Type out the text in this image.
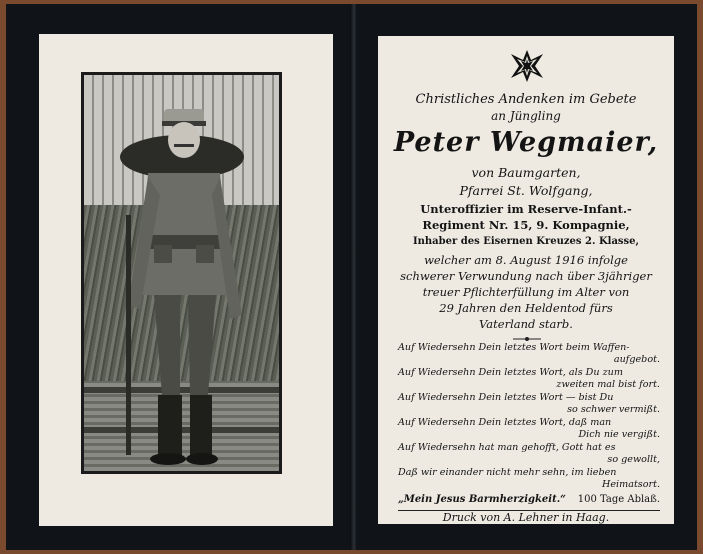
Christliches Andenken im Gebete
an Jüngling
Peter Wegmaier,
von Baumgarten,
Pfarrei St. Wolfgang,
Unteroffizier im Reserve-Infant.-
Regiment Nr. 15, 9. Kompagnie,
Inhaber des Eisernen Kreuzes 2. Klasse,
welcher am 8. August 1916 infolge
schwerer Verwundung nach über 3jähriger
treuer Pflichterfüllung im Alter von
29 Jahren den Heldentod fürs
Vaterland starb.
Auf Wiedersehn Dein letztes Wort beim Waffen-
aufgebot.
Auf Wiedersehn Dein letztes Wort, als Du zum
zweiten mal bist fort.
Auf Wiedersehn Dein letztes Wort — bist Du
so schwer vermißt.
Auf Wiedersehn Dein letztes Wort, daß man
Dich nie vergißt.
Auf Wiedersehn hat man gehofft, Gott hat es
so gewollt,
Daß wir einander nicht mehr sehn, im lieben
Heimatsort.
„Mein Jesus Barmherzigkeit.“ 100 Tage Ablaß.
Druck von A. Lehner in Haag.
